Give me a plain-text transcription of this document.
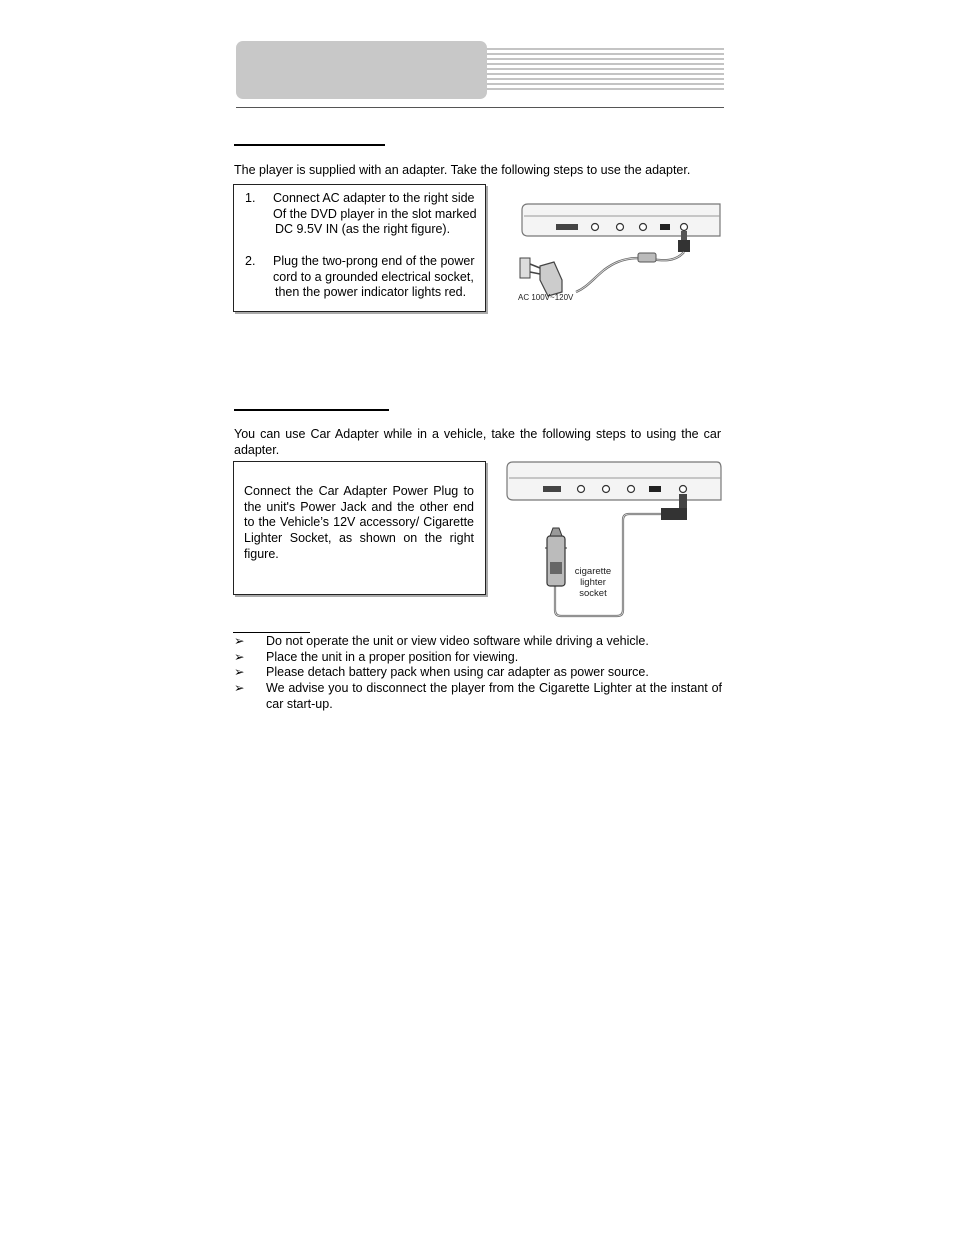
The player is supplied with an adapter. Take the following steps to use the adapter.

1. Connect AC adapter to the right side
Of the DVD player in the slot marked
DC 9.5V IN (as the right figure).
2. Plug the two-prong end of the power
cord to a grounded electrical socket,
then the power indicator lights red.	AC 100V~120V

You can use Car Adapter while in a vehicle, take the following steps to using the car adapter.

Connect the Car Adapter Power Plug to the unit's Power Jack and the other end to the Vehicle’s 12V accessory/ Cigarette Lighter Socket, as shown on the right figure.

cigarette
lighter
socket
➢ Do not operate the unit or view video software while driving a vehicle.
➢ Place the unit in a proper position for viewing.
➢ Please detach battery pack when using car adapter as power source.
➢ We advise you to disconnect the player from the Cigarette Lighter at the instant of car start-up.
